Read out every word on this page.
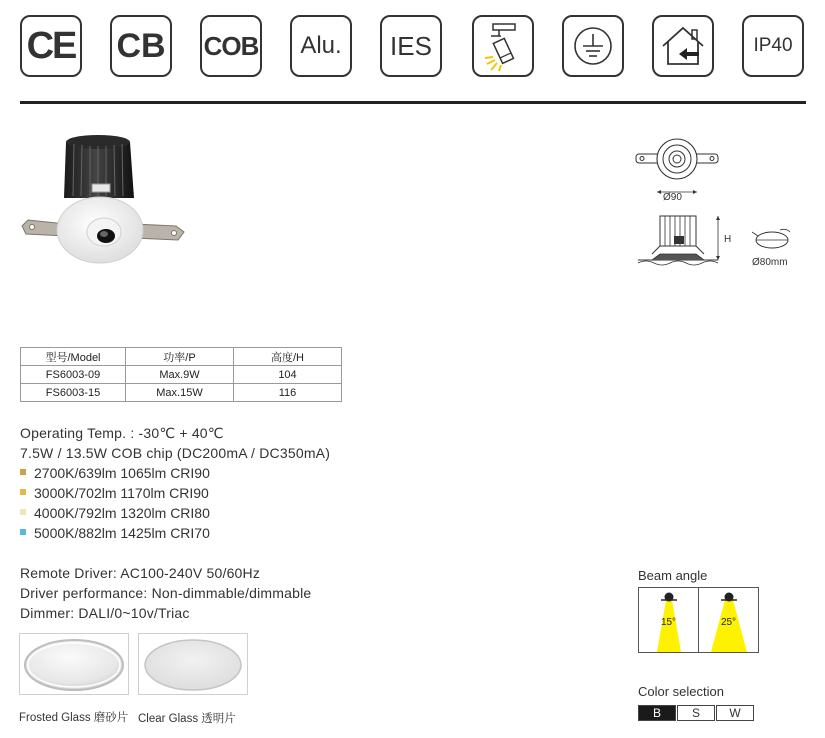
CE CB COB Alu. IES	IP40
Ø90
H
Ø80mm
型号/Model	功率/P	高度/H
FS6003-09	Max.9W	104
FS6003-15	Max.15W	116
Operating Temp. : -30℃ + 40℃
7.5W / 13.5W COB chip (DC200mA / DC350mA)
2700K/639lm 1065lm CRI90
3000K/702lm 1170lm CRI90
4000K/792lm 1320lm CRI80
5000K/882lm 1425lm CRI70
Remote Driver: AC100-240V 50/60Hz
Driver performance: Non-dimmable/dimmable
Dimmer: DALI/0~10v/Triac
Frosted Glass 磨砂片 Clear Glass 透明片
Beam angle
15°	25°
Color selection
B	S	W
